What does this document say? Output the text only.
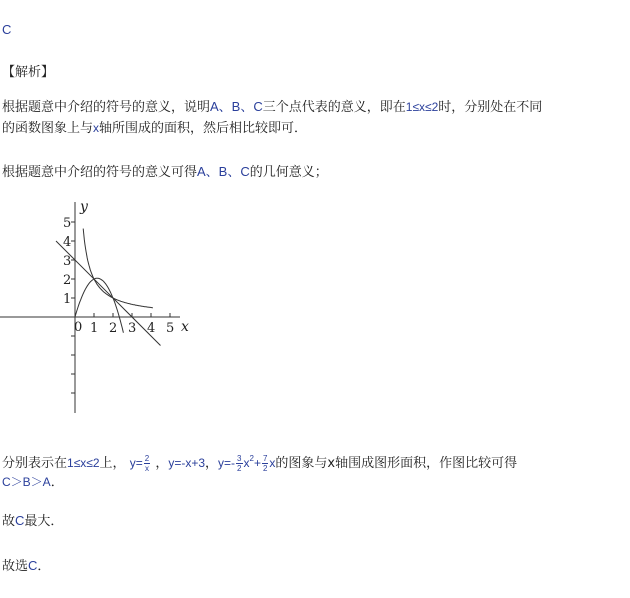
C
【解析】
根据题意中介绍的符号的意义，说明A、B、C三个点代表的意义，即在1≤x≤2时，分别处在不同
的函数图象上与x轴所围成的面积，然后相比较即可．
根据题意中介绍的符号的意义可得A、B、C的几何意义；
1
2
3
4
5
0 1 2 3 4 5 x
y
分别表示在1≤x≤2上， $y= \frac{2}{x}$ ，y=-x+3，$y=- \frac{3}{2} x^2+ \frac{7}{2}$ x的图象与x轴围成图形面积，作图比较可得
C＞B＞A．
故C最大．
故选C．
